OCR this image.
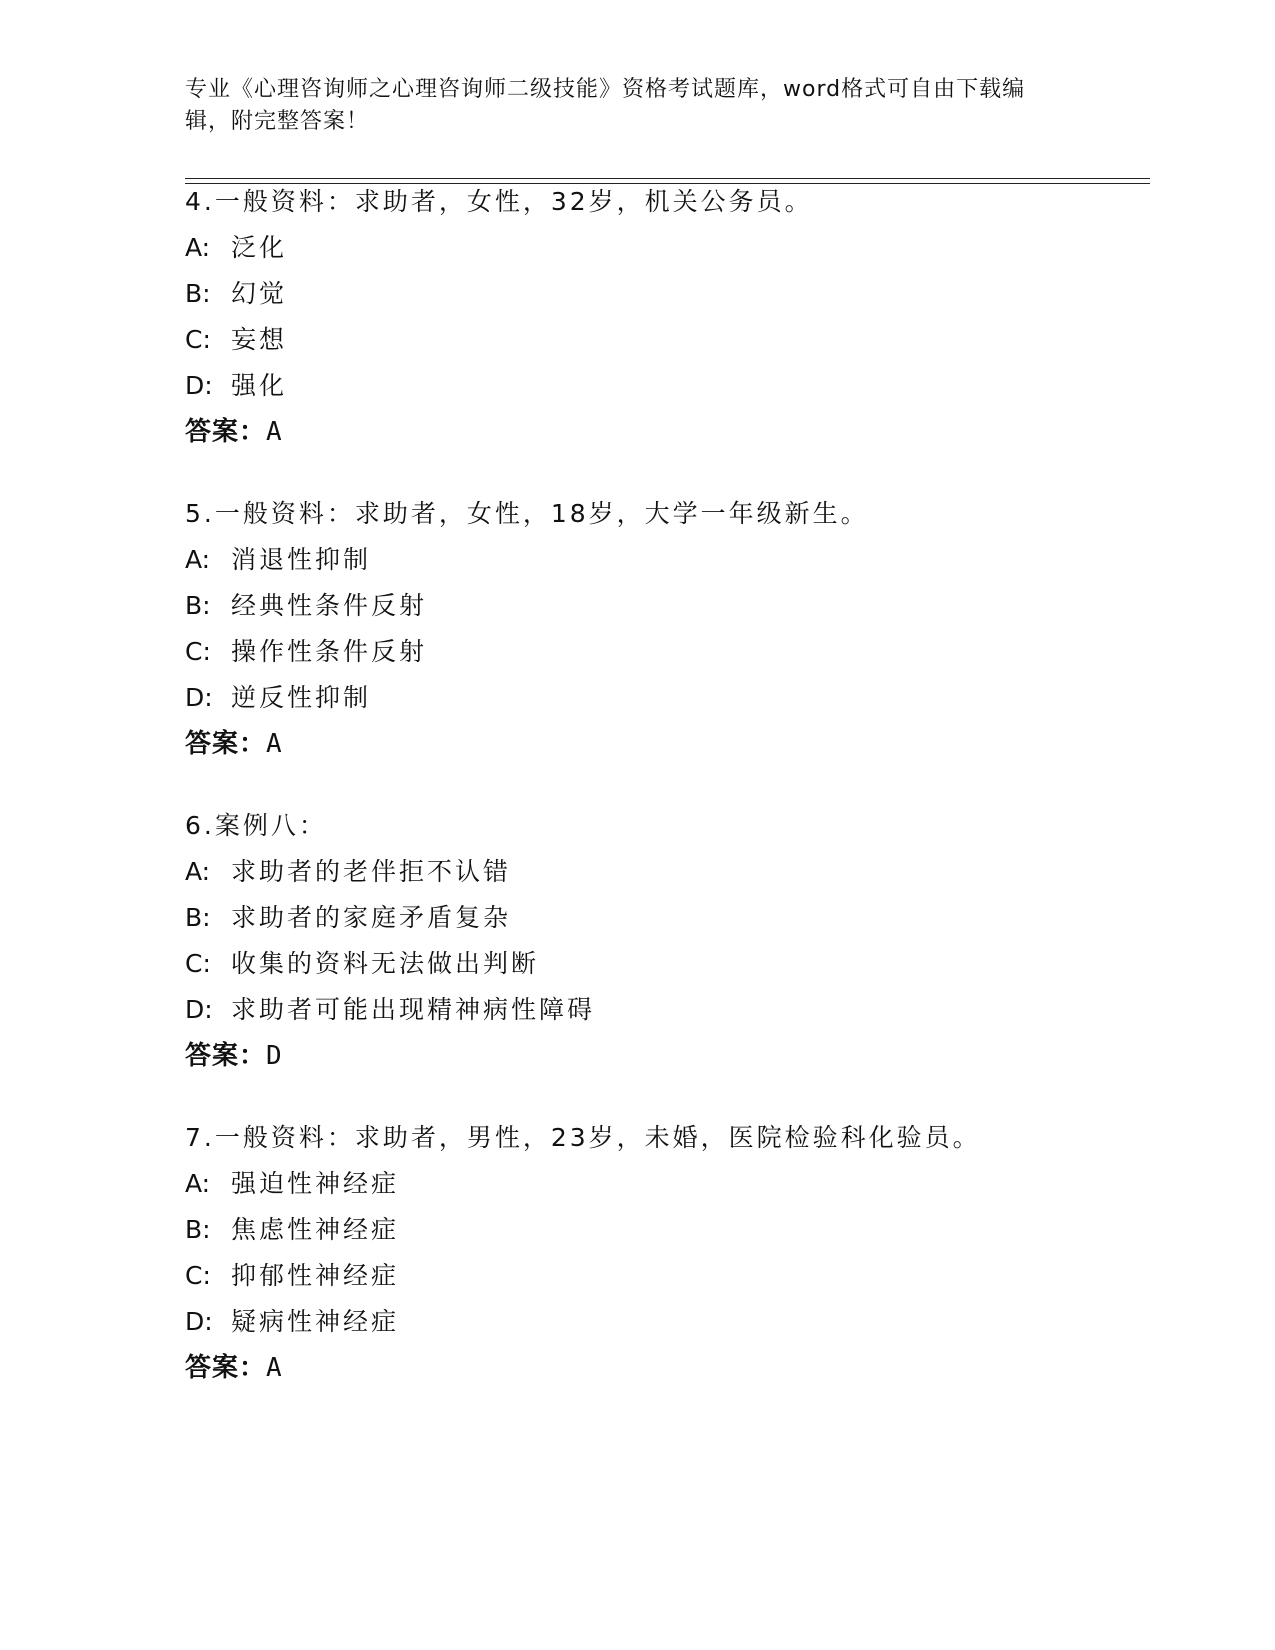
专业《心理咨询师之心理咨询师二级技能》资格考试题库，word格式可自由下载编辑，附完整答案！
4.一般资料：求助者，女性，32岁，机关公务员。
A: 泛化
B: 幻觉
C: 妄想
D: 强化
答案：A
5.一般资料：求助者，女性，18岁，大学一年级新生。
A: 消退性抑制
B: 经典性条件反射
C: 操作性条件反射
D: 逆反性抑制
答案：A
6.案例八：
A: 求助者的老伴拒不认错
B: 求助者的家庭矛盾复杂
C: 收集的资料无法做出判断
D: 求助者可能出现精神病性障碍
答案：D
7.一般资料：求助者，男性，23岁，未婚，医院检验科化验员。
A: 强迫性神经症
B: 焦虑性神经症
C: 抑郁性神经症
D: 疑病性神经症
答案：A
